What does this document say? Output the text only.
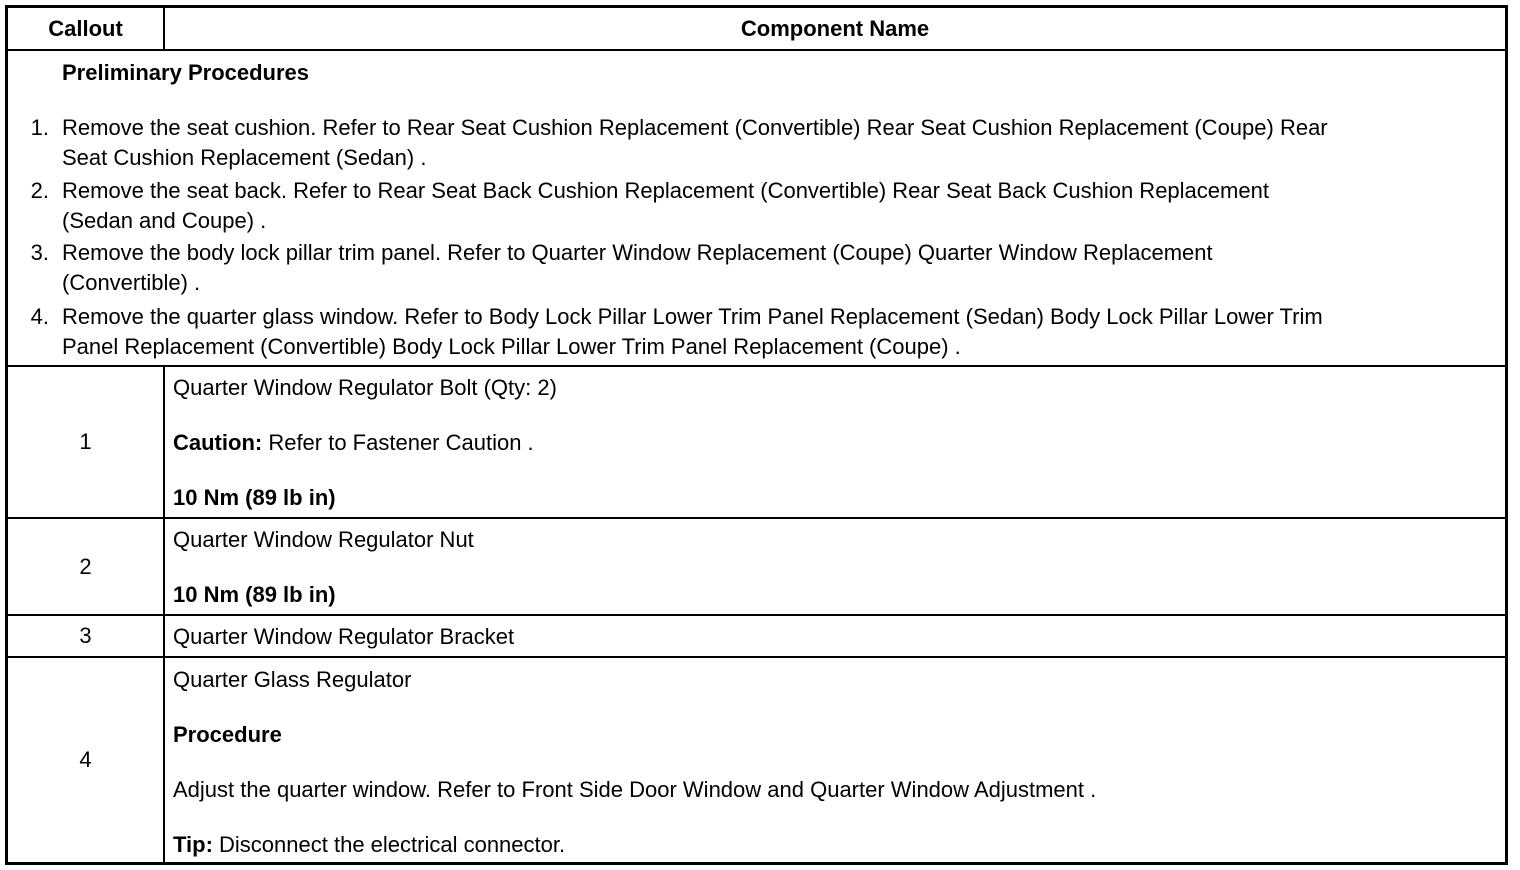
Callout	Component Name
Preliminary Procedures
1. Remove the seat cushion. Refer to Rear Seat Cushion Replacement (Convertible) Rear Seat Cushion Replacement (Coupe) Rear
Seat Cushion Replacement (Sedan) .
2. Remove the seat back. Refer to Rear Seat Back Cushion Replacement (Convertible) Rear Seat Back Cushion Replacement
(Sedan and Coupe) .
3. Remove the body lock pillar trim panel. Refer to Quarter Window Replacement (Coupe) Quarter Window Replacement
(Convertible) .
4. Remove the quarter glass window. Refer to Body Lock Pillar Lower Trim Panel Replacement (Sedan) Body Lock Pillar Lower Trim
Panel Replacement (Convertible) Body Lock Pillar Lower Trim Panel Replacement (Coupe) .
1
Quarter Window Regulator Bolt (Qty: 2)
Caution: Refer to Fastener Caution .
10 Nm (89 lb in)
2
Quarter Window Regulator Nut
10 Nm (89 lb in)
3	Quarter Window Regulator Bracket
4
Quarter Glass Regulator
Procedure
Adjust the quarter window. Refer to Front Side Door Window and Quarter Window Adjustment .
Tip: Disconnect the electrical connector.
